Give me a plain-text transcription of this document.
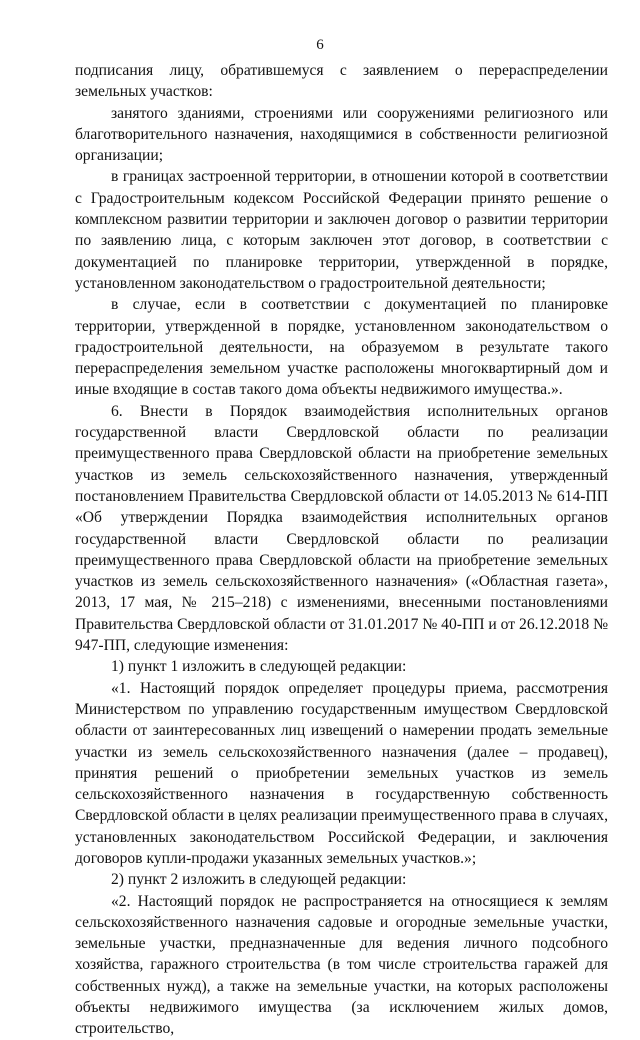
6

подписания лицу, обратившемуся с заявлением о перераспределении земельных участков:

занятого зданиями, строениями или сооружениями религиозного или благотворительного назначения, находящимися в собственности религиозной организации;

в границах застроенной территории, в отношении которой в соответствии с Градостроительным кодексом Российской Федерации принято решение о комплексном развитии территории и заключен договор о развитии территории по заявлению лица, с которым заключен этот договор, в соответствии с документацией по планировке территории, утвержденной в порядке, установленном законодательством о градостроительной деятельности;

в случае, если в соответствии с документацией по планировке территории, утвержденной в порядке, установленном законодательством о градостроительной деятельности, на образуемом в результате такого перераспределения земельном участке расположены многоквартирный дом и иные входящие в состав такого дома объекты недвижимого имущества.».

6. Внести в Порядок взаимодействия исполнительных органов государственной власти Свердловской области по реализации преимущественного права Свердловской области на приобретение земельных участков из земель сельскохозяйственного назначения, утвержденный постановлением Правительства Свердловской области от 14.05.2013 № 614-ПП «Об утверждении Порядка взаимодействия исполнительных органов государственной власти Свердловской области по реализации преимущественного права Свердловской области на приобретение земельных участков из земель сельскохозяйственного назначения» («Областная газета», 2013, 17 мая, № 215–218) с изменениями, внесенными постановлениями Правительства Свердловской области от 31.01.2017 № 40-ПП и от 26.12.2018 № 947-ПП, следующие изменения:

1) пункт 1 изложить в следующей редакции:

«1. Настоящий порядок определяет процедуры приема, рассмотрения Министерством по управлению государственным имуществом Свердловской области от заинтересованных лиц извещений о намерении продать земельные участки из земель сельскохозяйственного назначения (далее – продавец), принятия решений о приобретении земельных участков из земель сельскохозяйственного назначения в государственную собственность Свердловской области в целях реализации преимущественного права в случаях, установленных законодательством Российской Федерации, и заключения договоров купли-продажи указанных земельных участков.»;

2) пункт 2 изложить в следующей редакции:

«2. Настоящий порядок не распространяется на относящиеся к землям сельскохозяйственного назначения садовые и огородные земельные участки, земельные участки, предназначенные для ведения личного подсобного хозяйства, гаражного строительства (в том числе строительства гаражей для собственных нужд), а также на земельные участки, на которых расположены объекты недвижимого имущества (за исключением жилых домов, строительство,
